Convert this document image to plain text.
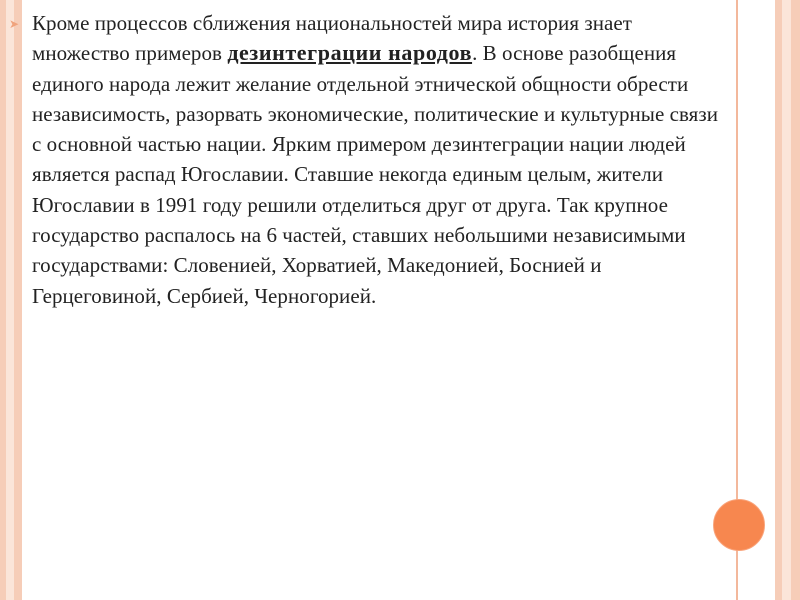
➤ Кроме процессов сближения национальностей мира история знает множество примеров дезинтеграции народов. В основе разобщения единого народа лежит желание отдельной этнической общности обрести независимость, разорвать экономические, политические и культурные связи с основной частью нации. Ярким примером дезинтеграции нации людей является распад Югославии. Ставшие некогда единым целым, жители Югославии в 1991 году решили отделиться друг от друга. Так крупное государство распалось на 6 частей, ставших небольшими независимыми государствами: Словенией, Хорватией, Македонией, Боснией и Герцеговиной, Сербией, Черногорией.
